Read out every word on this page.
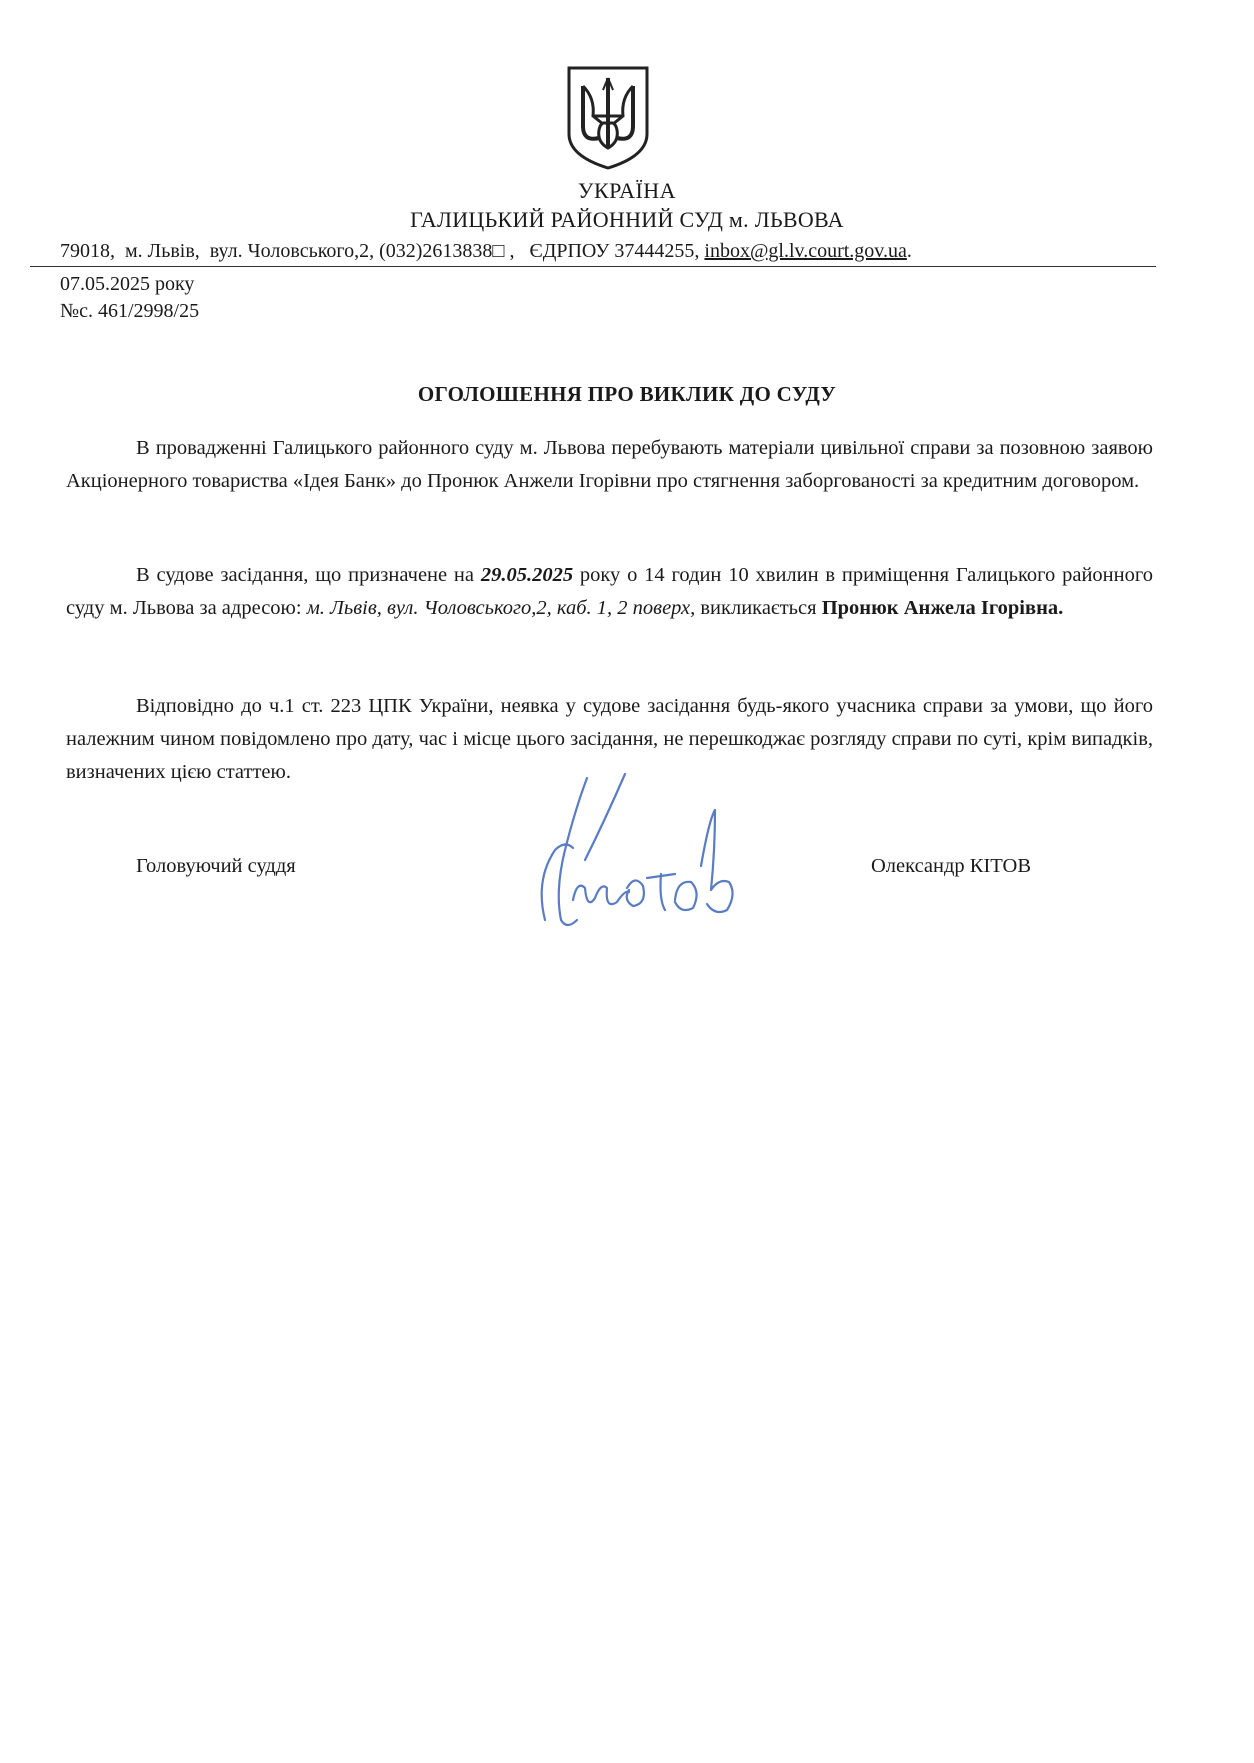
УКРАЇНА
ГАЛИЦЬКИЙ РАЙОННИЙ СУД м. ЛЬВОВА
79018, м. Львів, вул. Чоловського,2, (032)2613838□ , ЄДРПОУ 37444255, inbox@gl.lv.court.gov.ua.
07.05.2025 року
№с. 461/2998/25
ОГОЛОШЕННЯ ПРО ВИКЛИК ДО СУДУ

В провадженні Галицького районного суду м. Львова перебувають матеріали цивільної справи за позовною заявою Акціонерного товариства «Ідея Банк» до Пронюк Анжели Ігорівни про стягнення заборгованості за кредитним договором.

В судове засідання, що призначене на 29.05.2025 року о 14 годин 10 хвилин в приміщення Галицького районного суду м. Львова за адресою: м. Львів, вул. Чоловського,2, каб. 1, 2 поверх, викликається Пронюк Анжела Ігорівна.

Відповідно до ч.1 ст. 223 ЦПК України, неявка у судове засідання будь-якого учасника справи за умови, що його належним чином повідомлено про дату, час і місце цього засідання, не перешкоджає розгляду справи по суті, крім випадків, визначених цією статтею.

Головуючий суддя	Олександр КІТОВ
